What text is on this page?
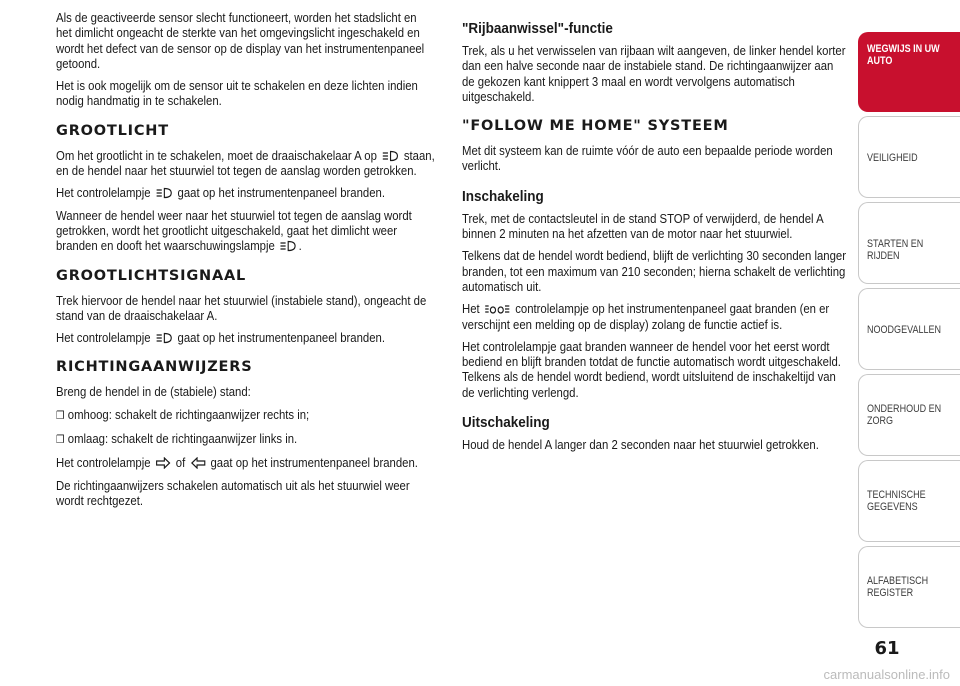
Als de geactiveerde sensor slecht functioneert, worden het stadslicht en het dimlicht ongeacht de sterkte van het omgevingslicht ingeschakeld en wordt het defect van de sensor op de display van het instrumentenpaneel getoond.

Het is ook mogelijk om de sensor uit te schakelen en deze lichten indien nodig handmatig in te schakelen.

GROOTLICHT

Om het grootlicht in te schakelen, moet de draaischakelaar A op staan, en de hendel naar het stuurwiel tot tegen de aanslag worden getrokken.

Het controlelampje gaat op het instrumentenpaneel branden.

Wanneer de hendel weer naar het stuurwiel tot tegen de aanslag wordt getrokken, wordt het grootlicht uitgeschakeld, gaat het dimlicht weer branden en dooft het waarschuwingslampje .

GROOTLICHTSIGNAAL

Trek hiervoor de hendel naar het stuurwiel (instabiele stand), ongeacht de stand van de draaischakelaar A.

Het controlelampje gaat op het instrumentenpaneel branden.

RICHTINGAANWIJZERS

Breng de hendel in de (stabiele) stand:

❒ omhoog: schakelt de richtingaanwijzer rechts in;

❒ omlaag: schakelt de richtingaanwijzer links in.

Het controlelampje of gaat op het instrumentenpaneel branden.

De richtingaanwijzers schakelen automatisch uit als het stuurwiel weer wordt rechtgezet.

"Rijbaanwissel"-functie

Trek, als u het verwisselen van rijbaan wilt aangeven, de linker hendel korter dan een halve seconde naar de instabiele stand. De richtingaanwijzer aan de gekozen kant knippert 3 maal en wordt vervolgens automatisch uitgeschakeld.

"FOLLOW ME HOME" SYSTEEM

Met dit systeem kan de ruimte vóór de auto een bepaalde periode worden verlicht.

Inschakeling

Trek, met de contactsleutel in de stand STOP of verwijderd, de hendel A binnen 2 minuten na het afzetten van de motor naar het stuurwiel.

Telkens dat de hendel wordt bediend, blijft de verlichting 30 seconden langer branden, tot een maximum van 210 seconden; hierna schakelt de verlichting automatisch uit.

Het	controlelampje op het instrumentenpaneel gaat branden (en er verschijnt een melding op de display) zolang de functie actief is.

Het controlelampje gaat branden wanneer de hendel voor het eerst wordt bediend en blijft branden totdat de functie automatisch wordt uitgeschakeld. Telkens als de hendel wordt bediend, wordt uitsluitend de inschakeltijd van de verlichting verlengd.

Uitschakeling

Houd de hendel A langer dan 2 seconden naar het stuurwiel getrokken.

WEGWIJS IN UW AUTO
VEILIGHEID
STARTEN EN RIJDEN
NOODGEVALLEN
ONDERHOUD EN ZORG
TECHNISCHE GEGEVENS
ALFABETISCH REGISTER
61
carmanualsonline.info
